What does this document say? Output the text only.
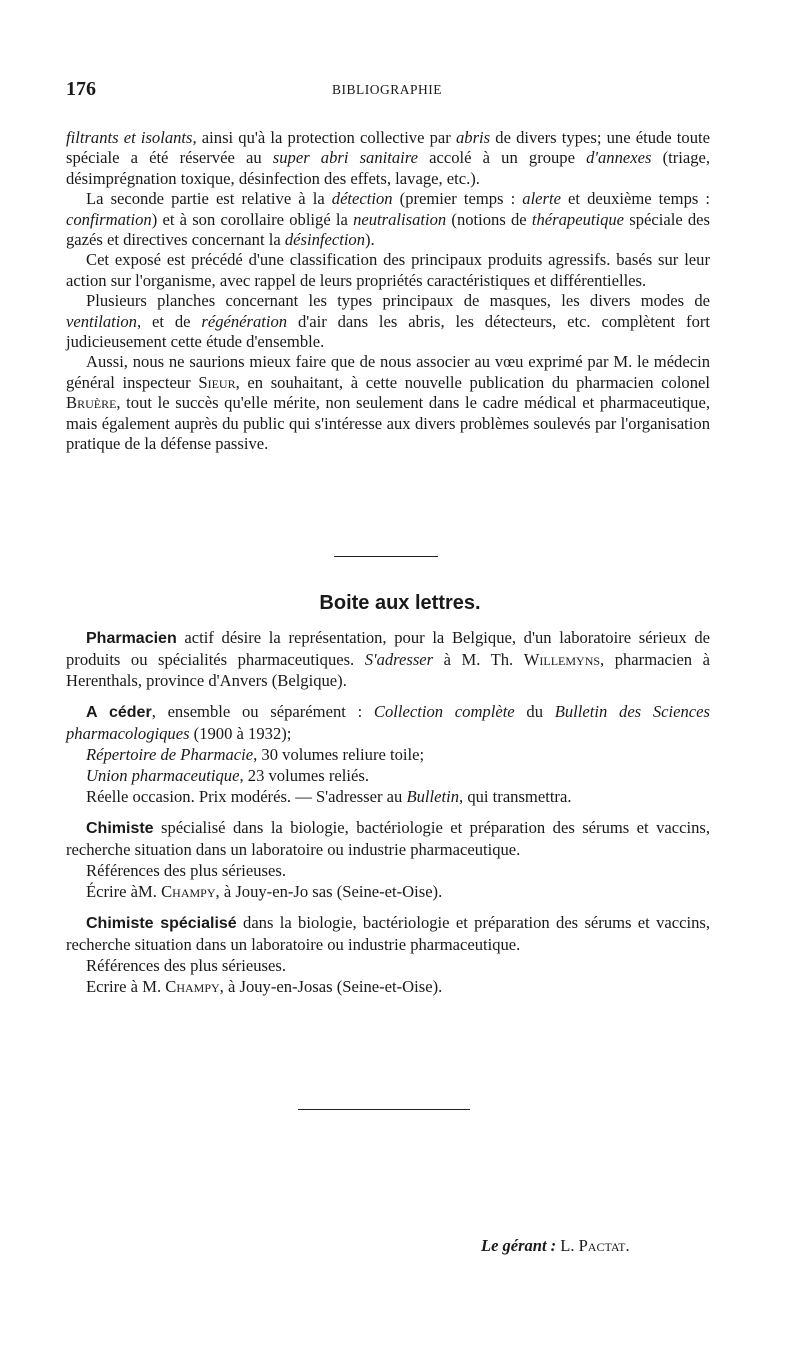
176	BIBLIOGRAPHIE

filtrants et isolants, ainsi qu'à la protection collective par abris de divers types; une étude toute spéciale a été réservée au super abri sanitaire accolé à un groupe d'annexes (triage, désimprégnation toxique, désinfection des effets, lavage, etc.).

La seconde partie est relative à la détection (premier temps : alerte et deuxième temps : confirmation) et à son corollaire obligé la neutralisation (notions de thérapeutique spéciale des gazés et directives concernant la désinfection).

Cet exposé est précédé d'une classification des principaux produits agressifs. basés sur leur action sur l'organisme, avec rappel de leurs propriétés caractéristiques et différentielles.

Plusieurs planches concernant les types principaux de masques, les divers modes de ventilation, et de régénération d'air dans les abris, les détecteurs, etc. complètent fort judicieusement cette étude d'ensemble.

Aussi, nous ne saurions mieux faire que de nous associer au vœu exprimé par M. le médecin général inspecteur Sieur, en souhaitant, à cette nouvelle publication du pharmacien colonel Bruère, tout le succès qu'elle mérite, non seulement dans le cadre médical et pharmaceutique, mais également auprès du public qui s'intéresse aux divers problèmes soulevés par l'organisation pratique de la défense passive.

Boite aux lettres.

Pharmacien actif désire la représentation, pour la Belgique, d'un laboratoire sérieux de produits ou spécialités pharmaceutiques. S'adresser à M. Th. Willemyns, pharmacien à Herenthals, province d'Anvers (Belgique).

A céder, ensemble ou séparément : Collection complète du Bulletin des Sciences pharmacologiques (1900 à 1932);

Répertoire de Pharmacie, 30 volumes reliure toile;

Union pharmaceutique, 23 volumes reliés.

Réelle occasion. Prix modérés. — S'adresser au Bulletin, qui transmettra.

Chimiste spécialisé dans la biologie, bactériologie et préparation des sérums et vaccins, recherche situation dans un laboratoire ou industrie pharmaceutique.

Références des plus sérieuses.

Écrire àM. Champy, à Jouy-en-Jo sas (Seine-et-Oise).

Chimiste spécialisé dans la biologie, bactériologie et préparation des sérums et vaccins, recherche situation dans un laboratoire ou industrie pharmaceutique.

Références des plus sérieuses.

Ecrire à M. Champy, à Jouy-en-Josas (Seine-et-Oise).

Le gérant : L. Pactat.
